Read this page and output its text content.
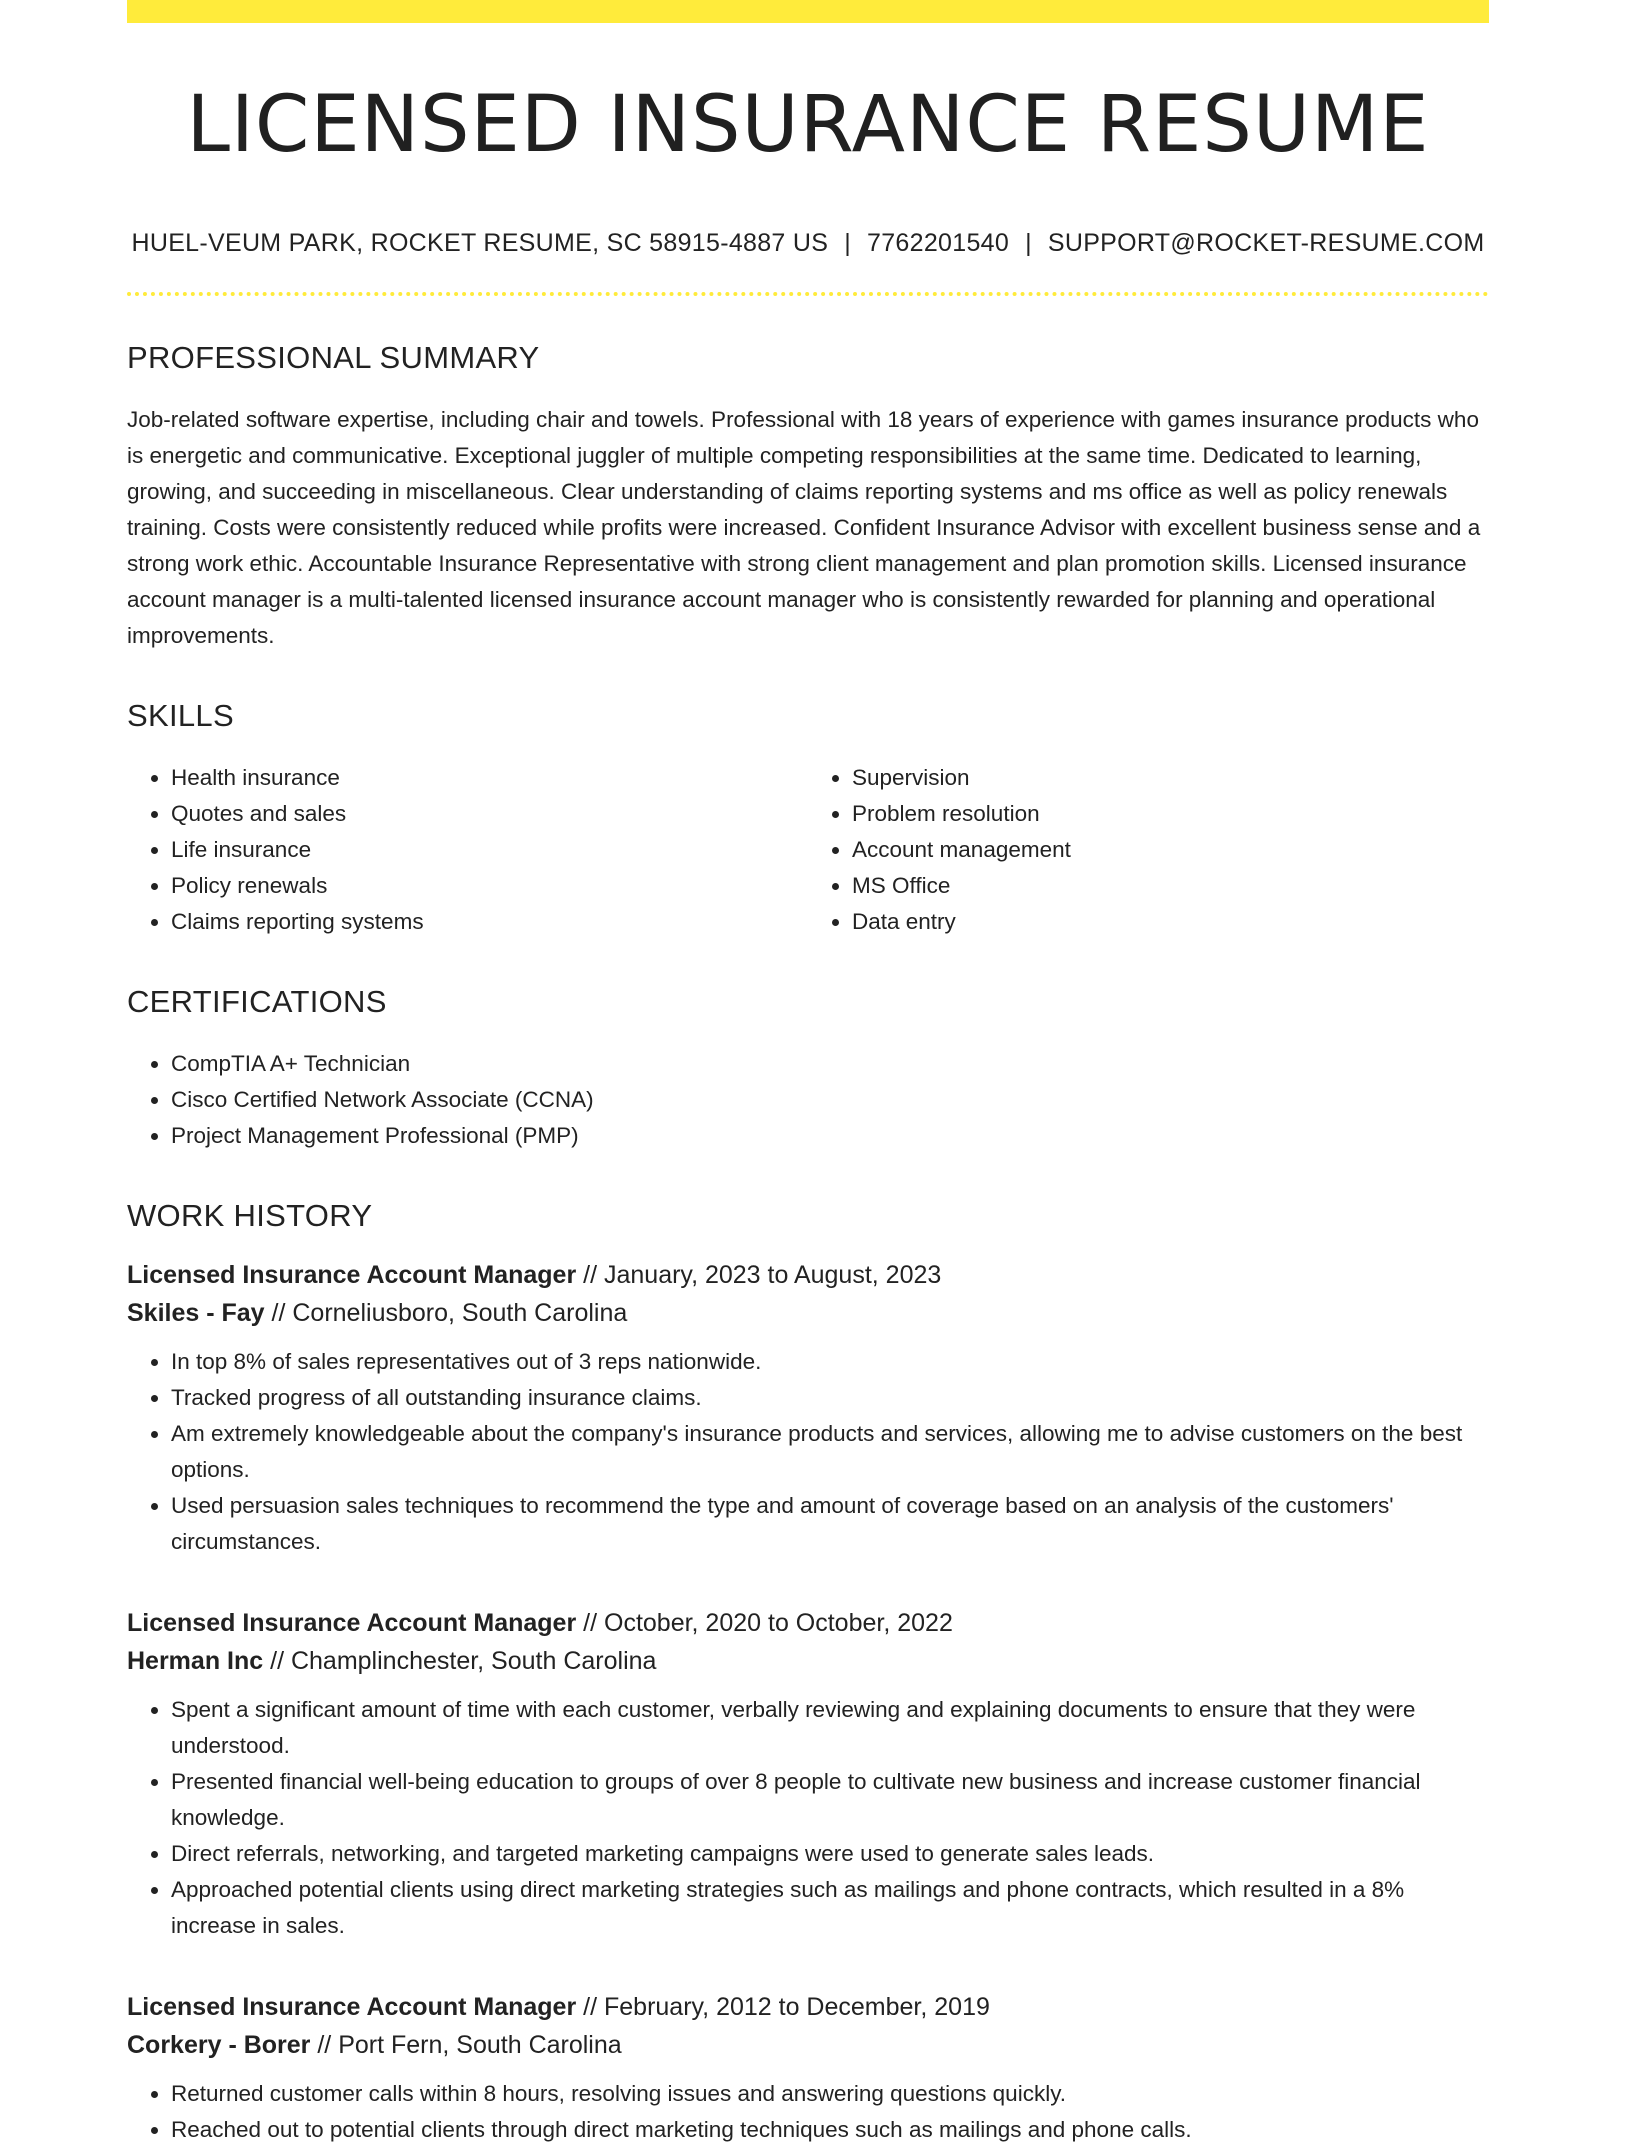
LICENSED INSURANCE RESUME
HUEL-VEUM PARK, ROCKET RESUME, SC 58915-4887 US | 7762201540 | SUPPORT@ROCKET-RESUME.COM
PROFESSIONAL SUMMARY

Job-related software expertise, including chair and towels. Professional with 18 years of experience with games insurance products who is energetic and communicative. Exceptional juggler of multiple competing responsibilities at the same time. Dedicated to learning, growing, and succeeding in miscellaneous. Clear understanding of claims reporting systems and ms office as well as policy renewals training. Costs were consistently reduced while profits were increased. Confident Insurance Advisor with excellent business sense and a strong work ethic. Accountable Insurance Representative with strong client management and plan promotion skills. Licensed insurance account manager is a multi-talented licensed insurance account manager who is consistently rewarded for planning and operational improvements.

SKILLS
• Health insurance
• Quotes and sales
• Life insurance
• Policy renewals
• Claims reporting systems
• Supervision
• Problem resolution
• Account management
• MS Office
• Data entry
CERTIFICATIONS
• CompTIA A+ Technician
• Cisco Certified Network Associate (CCNA)
• Project Management Professional (PMP)
WORK HISTORY
Licensed Insurance Account Manager // January, 2023 to August, 2023
Skiles - Fay // Corneliusboro, South Carolina
• In top 8% of sales representatives out of 3 reps nationwide.
• Tracked progress of all outstanding insurance claims.
• Am extremely knowledgeable about the company's insurance products and services, allowing me to advise customers on the best options.
• Used persuasion sales techniques to recommend the type and amount of coverage based on an analysis of the customers' circumstances.
Licensed Insurance Account Manager // October, 2020 to October, 2022
Herman Inc // Champlinchester, South Carolina
• Spent a significant amount of time with each customer, verbally reviewing and explaining documents to ensure that they were understood.
• Presented financial well-being education to groups of over 8 people to cultivate new business and increase customer financial knowledge.
• Direct referrals, networking, and targeted marketing campaigns were used to generate sales leads.
• Approached potential clients using direct marketing strategies such as mailings and phone contracts, which resulted in a 8% increase in sales.
Licensed Insurance Account Manager // February, 2012 to December, 2019
Corkery - Borer // Port Fern, South Carolina
• Returned customer calls within 8 hours, resolving issues and answering questions quickly.
• Reached out to potential clients through direct marketing techniques such as mailings and phone calls.
